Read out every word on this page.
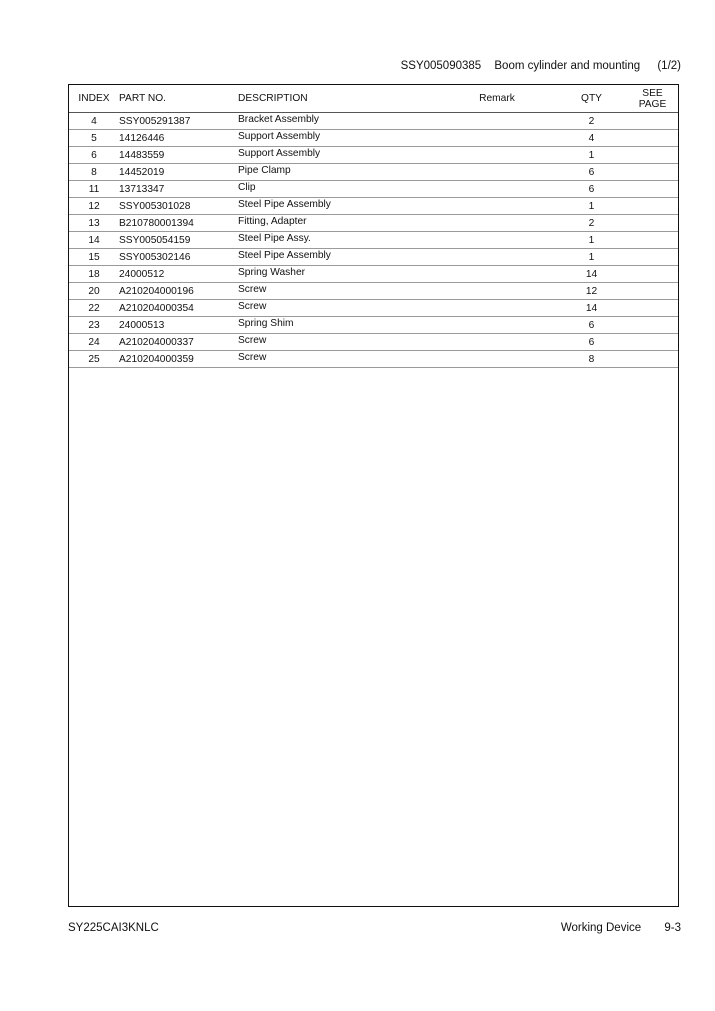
SSY005090385 Boom cylinder and mounting (1/2)
INDEX	PART NO.	DESCRIPTION	Remark	QTY	SEE
PAGE
4	SSY005291387	Bracket Assembly		2	
5	14126446	Support Assembly		4	
6	14483559	Support Assembly		1	
8	14452019	Pipe Clamp		6	
11	13713347	Clip		6	
12	SSY005301028	Steel Pipe Assembly		1	
13	B210780001394	Fitting, Adapter		2	
14	SSY005054159	Steel Pipe Assy.		1	
15	SSY005302146	Steel Pipe Assembly		1	
18	24000512	Spring Washer		14	
20	A210204000196	Screw		12	
22	A210204000354	Screw		14	
23	24000513	Spring Shim		6	
24	A210204000337	Screw		6	
25	A210204000359	Screw		8	
SY225CAI3KNLC	Working Device 9-3
